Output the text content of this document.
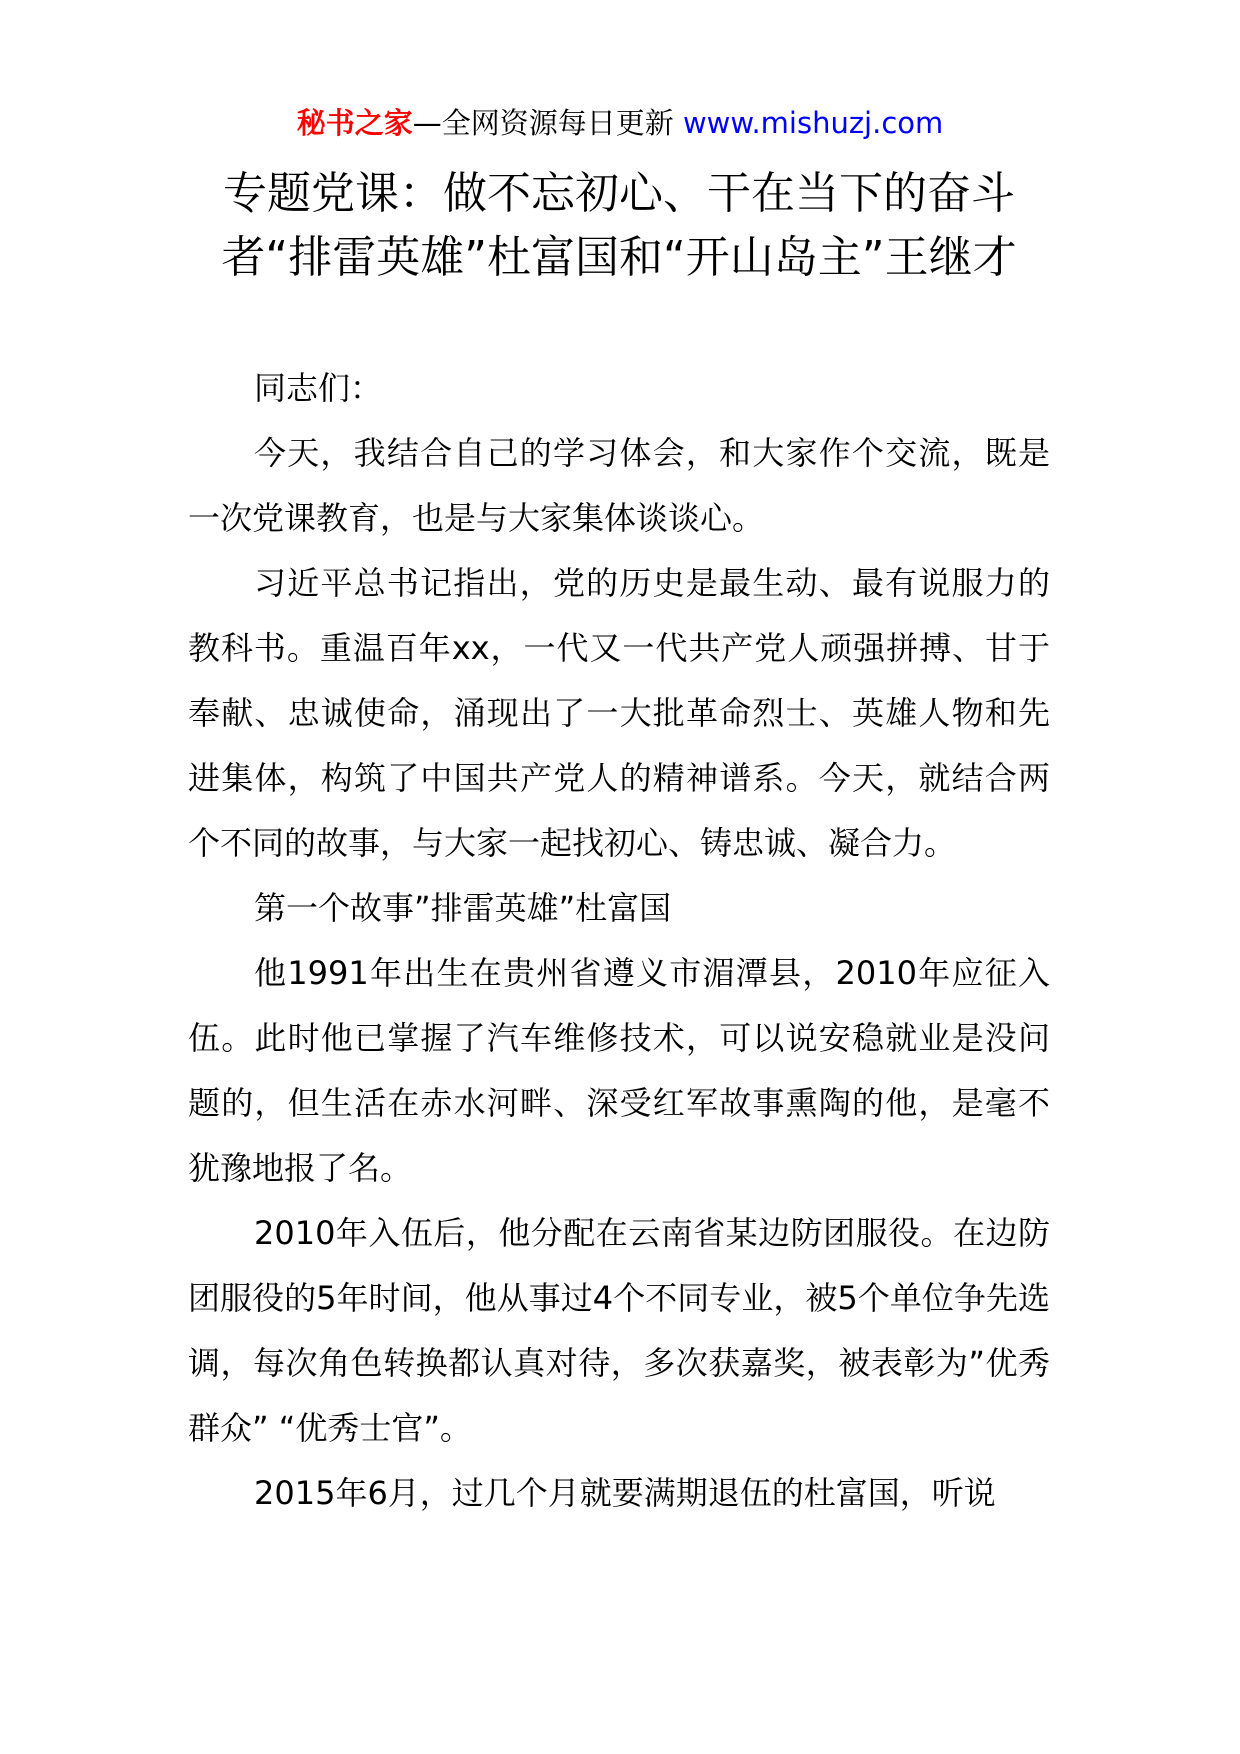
秘书之家—全网资源每日更新 www.mishuzj.com
专题党课：做不忘初心、干在当下的奋斗者“排雷英雄”杜富国和“开山岛主”王继才

同志们：

今天，我结合自己的学习体会，和大家作个交流，既是一次党课教育，也是与大家集体谈谈心。

习近平总书记指出，党的历史是最生动、最有说服力的教科书。重温百年xx，一代又一代共产党人顽强拼搏、甘于奉献、忠诚使命，涌现出了一大批革命烈士、英雄人物和先进集体，构筑了中国共产党人的精神谱系。今天，就结合两个不同的故事，与大家一起找初心、铸忠诚、凝合力。

第一个故事”排雷英雄”杜富国

他1991年出生在贵州省遵义市湄潭县，2010年应征入伍。此时他已掌握了汽车维修技术，可以说安稳就业是没问题的，但生活在赤水河畔、深受红军故事熏陶的他，是毫不犹豫地报了名。

2010年入伍后，他分配在云南省某边防团服役。在边防团服役的5年时间，他从事过4个不同专业，被5个单位争先选调，每次角色转换都认真对待，多次获嘉奖，被表彰为”优秀群众” “优秀士官”。

2015年6月，过几个月就要满期退伍的杜富国，听说
